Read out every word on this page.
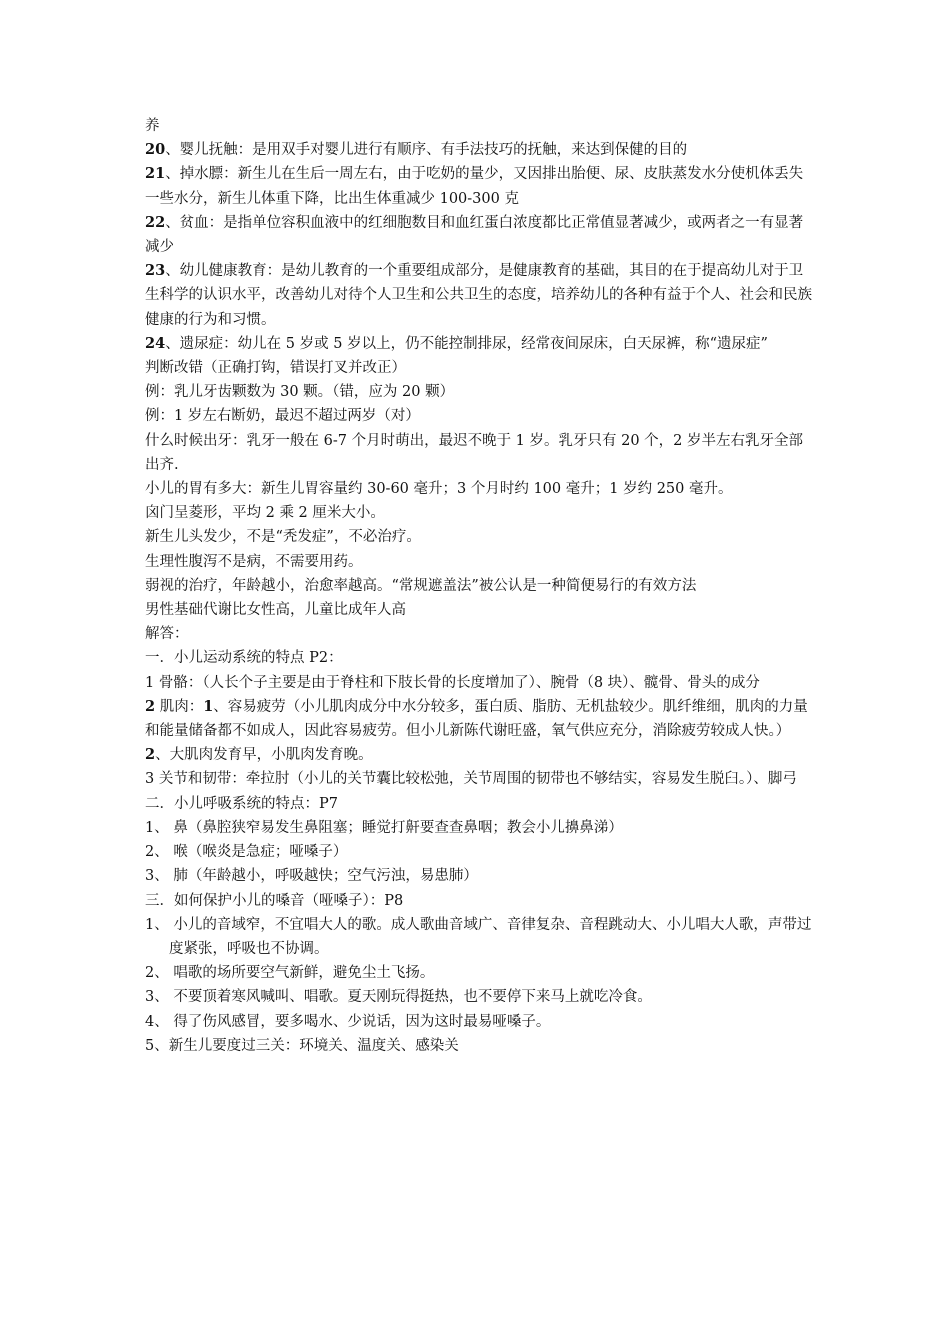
养
20、婴儿抚触：是用双手对婴儿进行有顺序、有手法技巧的抚触，来达到保健的目的
21、掉水膘：新生儿在生后一周左右，由于吃奶的量少，又因排出胎便、尿、皮肤蒸发水分使机体丢失一些水分，新生儿体重下降，比出生体重减少 100-300 克
22、贫血：是指单位容积血液中的红细胞数目和血红蛋白浓度都比正常值显著减少，或两者之一有显著减少
23、幼儿健康教育：是幼儿教育的一个重要组成部分，是健康教育的基础，其目的在于提高幼儿对于卫生科学的认识水平，改善幼儿对待个人卫生和公共卫生的态度，培养幼儿的各种有益于个人、社会和民族健康的行为和习惯。
24、遗尿症：幼儿在 5 岁或 5 岁以上，仍不能控制排尿，经常夜间尿床，白天尿裤，称“遗尿症”
判断改错（正确打钩，错误打叉并改正）
例：乳儿牙齿颗数为 30 颗。（错，应为 20 颗）
例：1 岁左右断奶，最迟不超过两岁（对）
什么时候出牙：乳牙一般在 6-7 个月时萌出，最迟不晚于 1 岁。乳牙只有 20 个，2 岁半左右乳牙全部出齐.
小儿的胃有多大：新生儿胃容量约 30-60 毫升；3 个月时约 100 毫升；1 岁约 250 毫升。
囟门呈菱形，平均 2 乘 2 厘米大小。
新生儿头发少，不是“秃发症”，不必治疗。
生理性腹泻不是病，不需要用药。
弱视的治疗，年龄越小，治愈率越高。“常规遮盖法”被公认是一种简便易行的有效方法
男性基础代谢比女性高，儿童比成年人高
解答：
一．小儿运动系统的特点 P2：
1 骨骼：（人长个子主要是由于脊柱和下肢长骨的长度增加了）、腕骨（8 块）、髋骨、骨头的成分
2 肌肉：1、容易疲劳（小儿肌肉成分中水分较多，蛋白质、脂肪、无机盐较少。肌纤维细，肌肉的力量和能量储备都不如成人，因此容易疲劳。但小儿新陈代谢旺盛，氧气供应充分，消除疲劳较成人快。）2、大肌肉发育早，小肌肉发育晚。
3 关节和韧带：牵拉肘（小儿的关节囊比较松弛，关节周围的韧带也不够结实，容易发生脱臼。）、脚弓
二．小儿呼吸系统的特点：P7
1、 鼻（鼻腔狭窄易发生鼻阻塞；睡觉打鼾要查查鼻咽；教会小儿擤鼻涕）
2、 喉（喉炎是急症；哑嗓子）
3、 肺（年龄越小，呼吸越快；空气污浊，易患肺）
三．如何保护小儿的嗓音（哑嗓子）：P8
1、 小儿的音域窄，不宜唱大人的歌。成人歌曲音域广、音律复杂、音程跳动大、小儿唱大人歌，声带过度紧张，呼吸也不协调。
2、 唱歌的场所要空气新鲜，避免尘土飞扬。
3、 不要顶着寒风喊叫、唱歌。夏天刚玩得挺热，也不要停下来马上就吃冷食。
4、 得了伤风感冒，要多喝水、少说话，因为这时最易哑嗓子。
5、新生儿要度过三关：环境关、温度关、感染关
